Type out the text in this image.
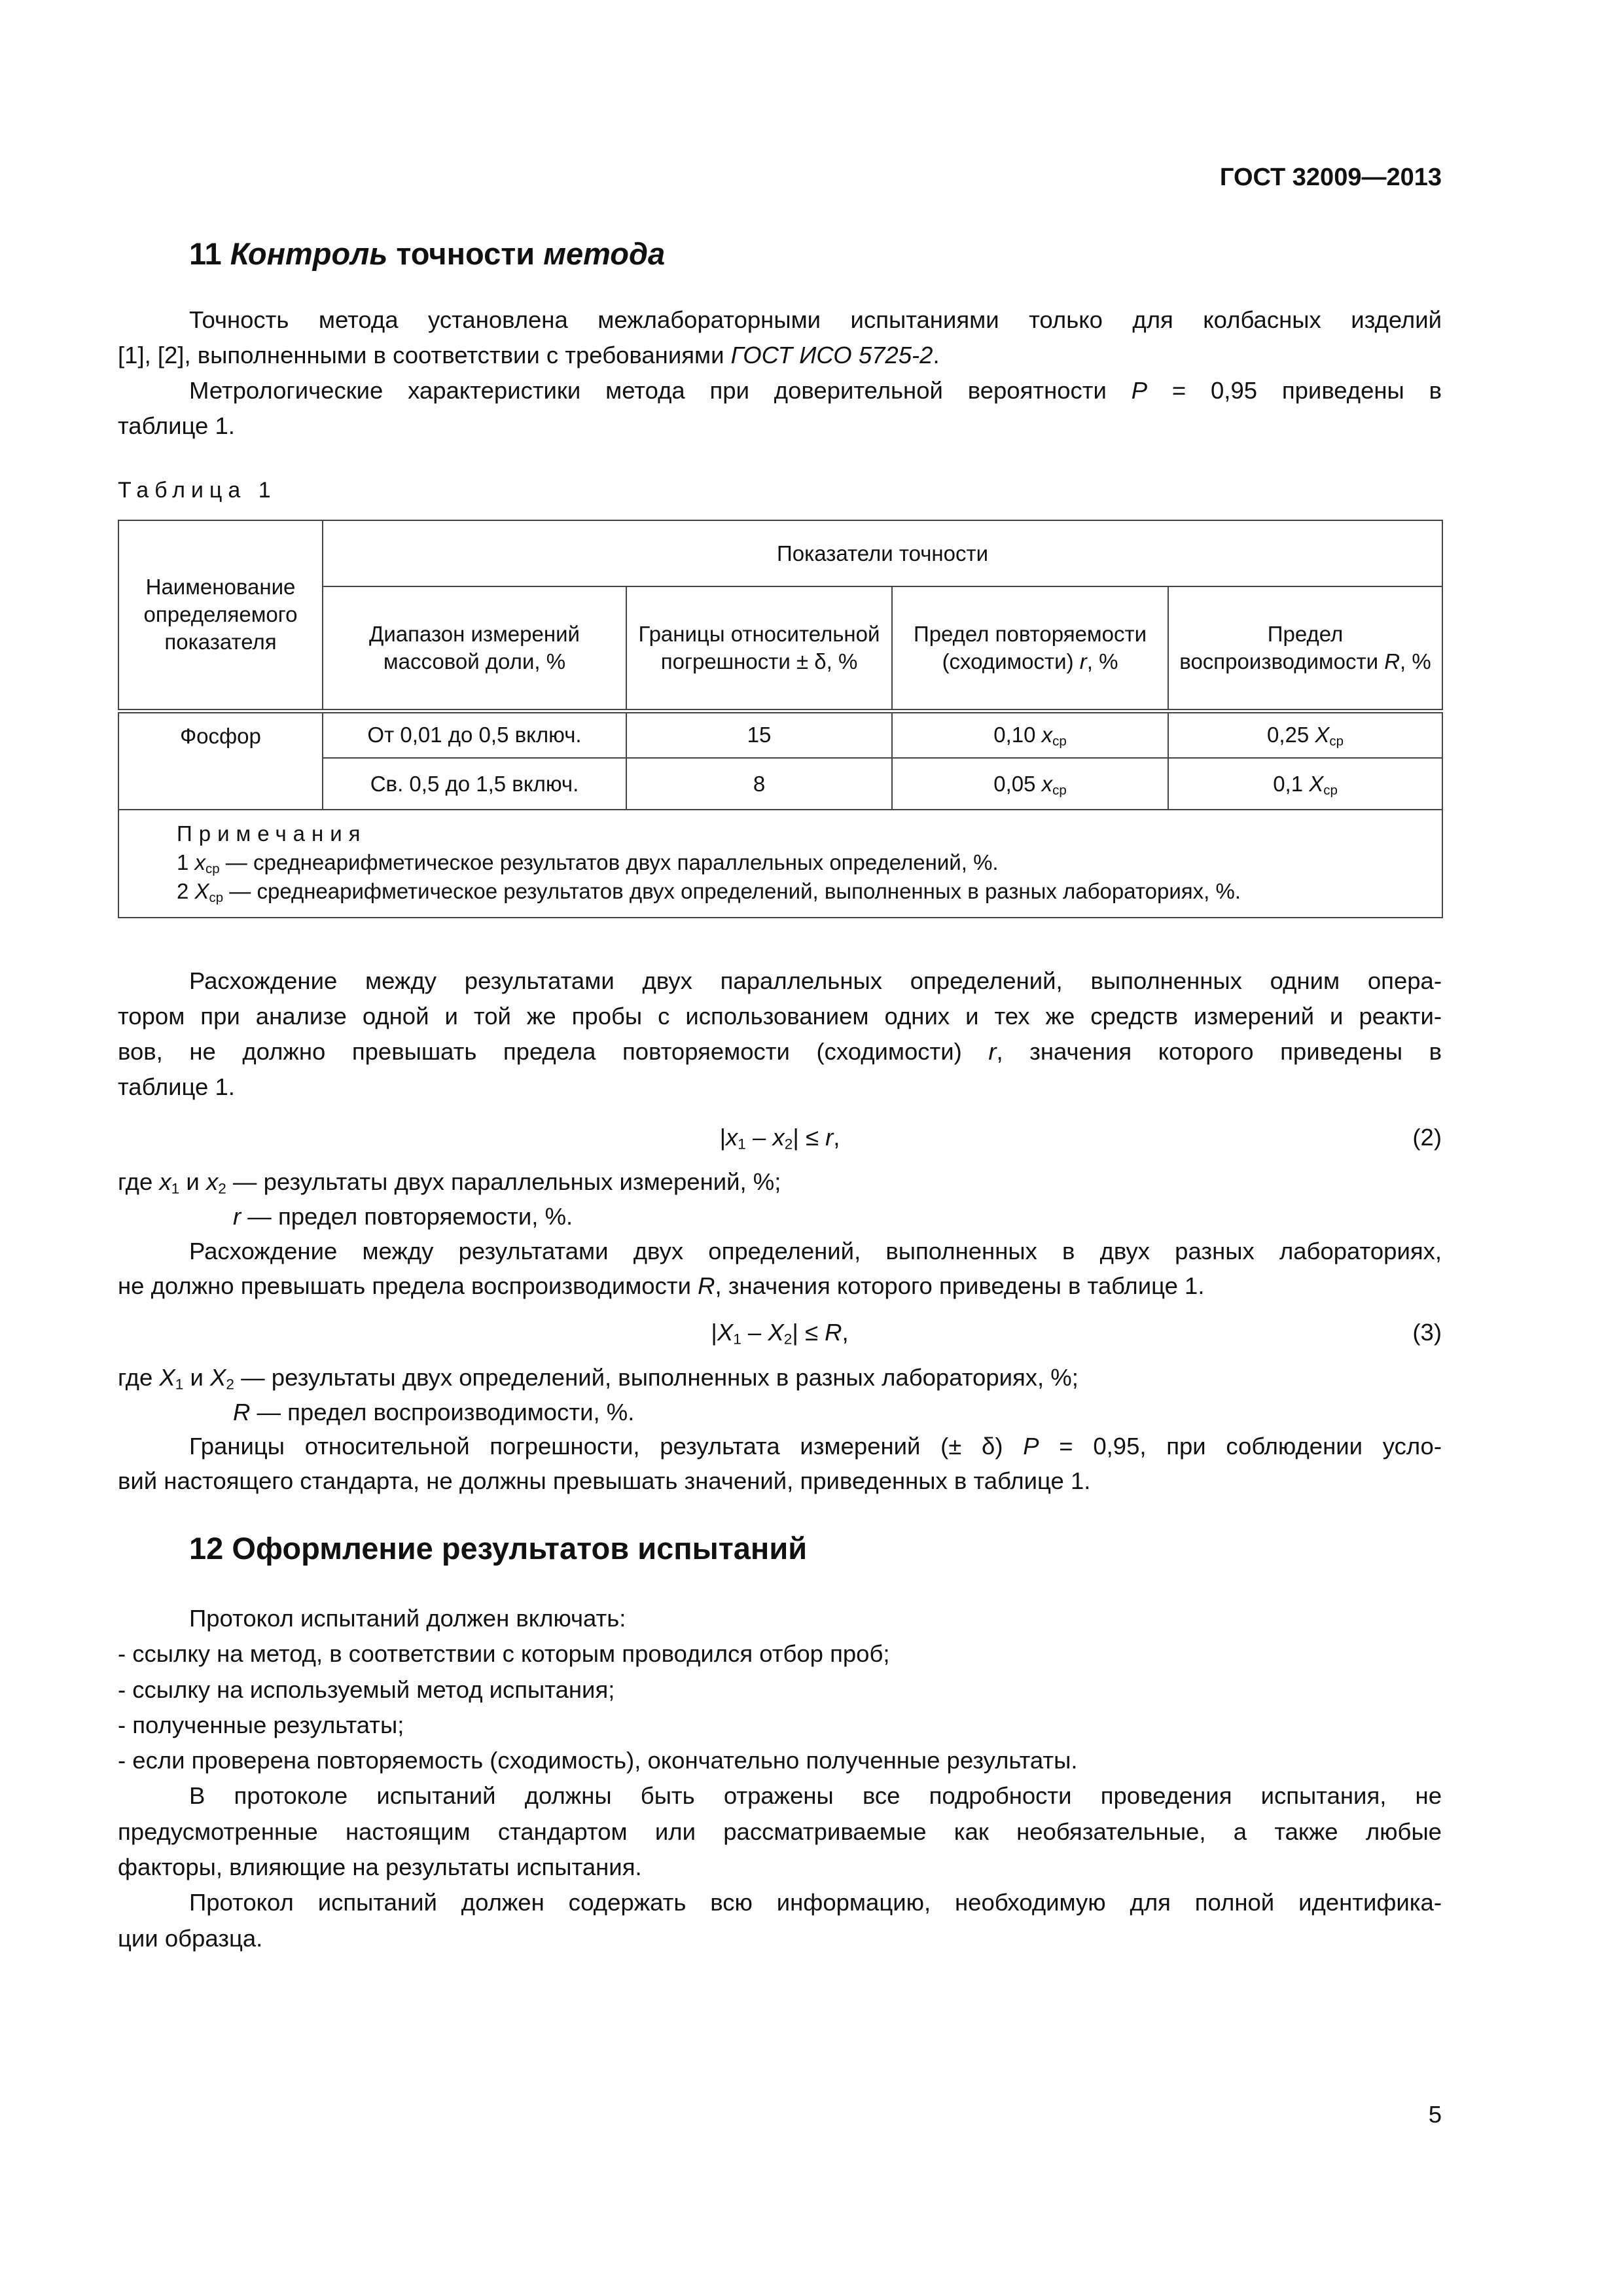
ГОСТ 32009—2013
11 Контроль точности метода
Точность метода установлена межлабораторными испытаниями только для колбасных изделий
[1], [2], выполненными в соответствии с требованиями ГОСТ ИСО 5725-2.
Метрологические характеристики метода при доверительной вероятности P = 0,95 приведены в
таблице 1.
Таблица 1
Наименование определяемого показателя	Показатели точности			
	Диапазон измерений массовой доли, %	Границы относительной погрешности ± δ, %	Предел повторяемости (сходимости) r, %	Предел воспроизводимости R, %
Фосфор	От 0,01 до 0,5 включ.	15	0,10 $x_{ср}$	0,25 $X_{ср}$
	Св. 0,5 до 1,5 включ.	8	0,05 $x_{ср}$	0,1 $X_{ср}$

Примечания
1 $x_{ср}$ — среднеарифметическое результатов двух параллельных определений, %.
2 $X_{ср}$ — среднеарифметическое результатов двух определений, выполненных в разных лабораториях, %.				
Расхождение между результатами двух параллельных определений, выполненных одним опера-
тором при анализе одной и той же пробы с использованием одних и тех же средств измерений и реакти-
вов, не должно превышать предела повторяемости (сходимости) r, значения которого приведены в
таблице 1.
$|x_1 - x_2| \le r$,	(2)
где $x_1$ и $x_2$ — результаты двух параллельных измерений, %;
r — предел повторяемости, %.
Расхождение между результатами двух определений, выполненных в двух разных лабораториях,
не должно превышать предела воспроизводимости R, значения которого приведены в таблице 1.
$|X_1 - X_2| \le R$,	(3)
где $X_1$ и $X_2$ — результаты двух определений, выполненных в разных лабораториях, %;
R — предел воспроизводимости, %.
Границы относительной погрешности, результата измерений (± δ) P = 0,95, при соблюдении усло-
вий настоящего стандарта, не должны превышать значений, приведенных в таблице 1.
12 Оформление результатов испытаний
Протокол испытаний должен включать:
- ссылку на метод, в соответствии с которым проводился отбор проб;
- ссылку на используемый метод испытания;
- полученные результаты;
- если проверена повторяемость (сходимость), окончательно полученные результаты.
В протоколе испытаний должны быть отражены все подробности проведения испытания, не
предусмотренные настоящим стандартом или рассматриваемые как необязательные, а также любые
факторы, влияющие на результаты испытания.
Протокол испытаний должен содержать всю информацию, необходимую для полной идентифика-
ции образца.
5
